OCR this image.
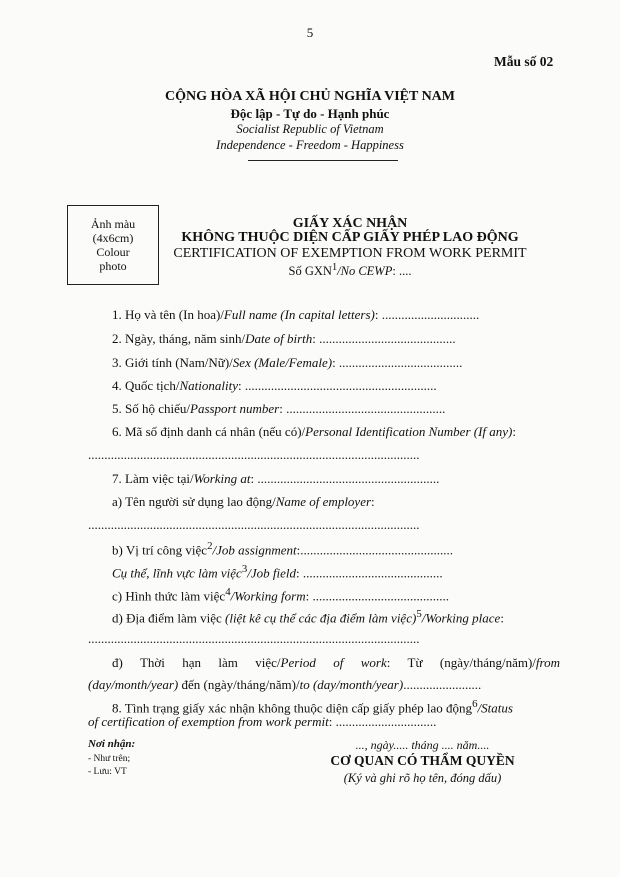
5
Mẫu số 02
CỘNG HÒA XÃ HỘI CHỦ NGHĨA VIỆT NAM
Độc lập - Tự do - Hạnh phúc
Socialist Republic of Vietnam
Independence - Freedom - Happiness
Ảnh màu
(4x6cm)
Colour
photo
GIẤY XÁC NHẬN
KHÔNG THUỘC DIỆN CẤP GIẤY PHÉP LAO ĐỘNG
CERTIFICATION OF EXEMPTION FROM WORK PERMIT
Số GXN$^1$/No CEWP: ....
1. Họ và tên (In hoa)/Full name (In capital letters): ..............................
2. Ngày, tháng, năm sinh/Date of birth: ..........................................
3. Giới tính (Nam/Nữ)/Sex (Male/Female): ......................................
4. Quốc tịch/Nationality: ...........................................................
5. Số hộ chiếu/Passport number: .................................................
6. Mã số định danh cá nhân (nếu có)/Personal Identification Number (If any):
......................................................................................................
7. Làm việc tại/Working at: ........................................................
a) Tên người sử dụng lao động/Name of employer:
......................................................................................................
b) Vị trí công việc$^2$/Job assignment:...............................................
Cụ thể, lĩnh vực làm việc$^3$/Job field: ...........................................
c) Hình thức làm việc$^4$/Working form: ..........................................
d) Địa điểm làm việc (liệt kê cụ thể các địa điểm làm việc)$^5$/Working place:
......................................................................................................
đ) Thời hạn làm việc/Period of work: Từ (ngày/tháng/năm)/from
(day/month/year) đến (ngày/tháng/năm)/to (day/month/year)........................
8. Tình trạng giấy xác nhận không thuộc diện cấp giấy phép lao động$^6$/Status
of certification of exemption from work permit: ...............................
Nơi nhận:
- Như trên;
- Lưu: VT
..., ngày..... tháng .... năm....
CƠ QUAN CÓ THẨM QUYỀN
(Ký và ghi rõ họ tên, đóng dấu)
